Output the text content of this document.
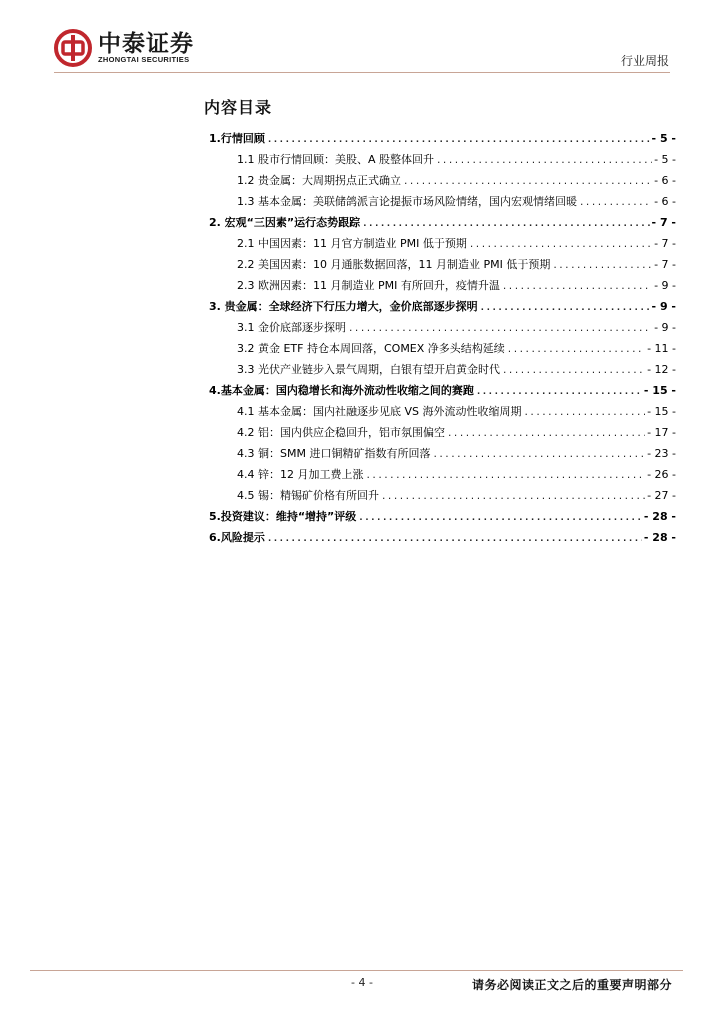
中泰证券
ZHONGTAI SECURITIES	行业周报
内容目录
1.行情回顾 .....	- 5 -
1.1 股市行情回顾：美股、A 股整体回升 .....	- 5 -
1.2 贵金属：大周期拐点正式确立 .....	- 6 -
1.3 基本金属：美联储鸽派言论提振市场风险情绪，国内宏观情绪回暖 .....	- 6 -
2. 宏观“三因素”运行态势跟踪 .....	- 7 -
2.1 中国因素：11 月官方制造业 PMI 低于预期 .....	- 7 -
2.2 美国因素：10 月通胀数据回落，11 月制造业 PMI 低于预期 .....	- 7 -
2.3 欧洲因素：11 月制造业 PMI 有所回升，疫情升温 .....	- 9 -
3. 贵金属：全球经济下行压力增大，金价底部逐步探明 .....	- 9 -
3.1 金价底部逐步探明 .....	- 9 -
3.2 黄金 ETF 持仓本周回落，COMEX 净多头结构延续 .....	- 11 -
3.3 光伏产业链步入景气周期，白银有望开启黄金时代 .....	- 12 -
4.基本金属：国内稳增长和海外流动性收缩之间的赛跑 .....	- 15 -
4.1 基本金属：国内社融逐步见底 VS 海外流动性收缩周期 .....	- 15 -
4.2 铝：国内供应企稳回升，铝市氛围偏空 .....	- 17 -
4.3 铜：SMM 进口铜精矿指数有所回落 .....	- 23 -
4.4 锌：12 月加工费上涨 .....	- 26 -
4.5 锡：精锡矿价格有所回升 .....	- 27 -
5.投资建议：维持“增持”评级 .....	- 28 -
6.风险提示 .....	- 28 -
- 4 -	请务必阅读正文之后的重要声明部分
